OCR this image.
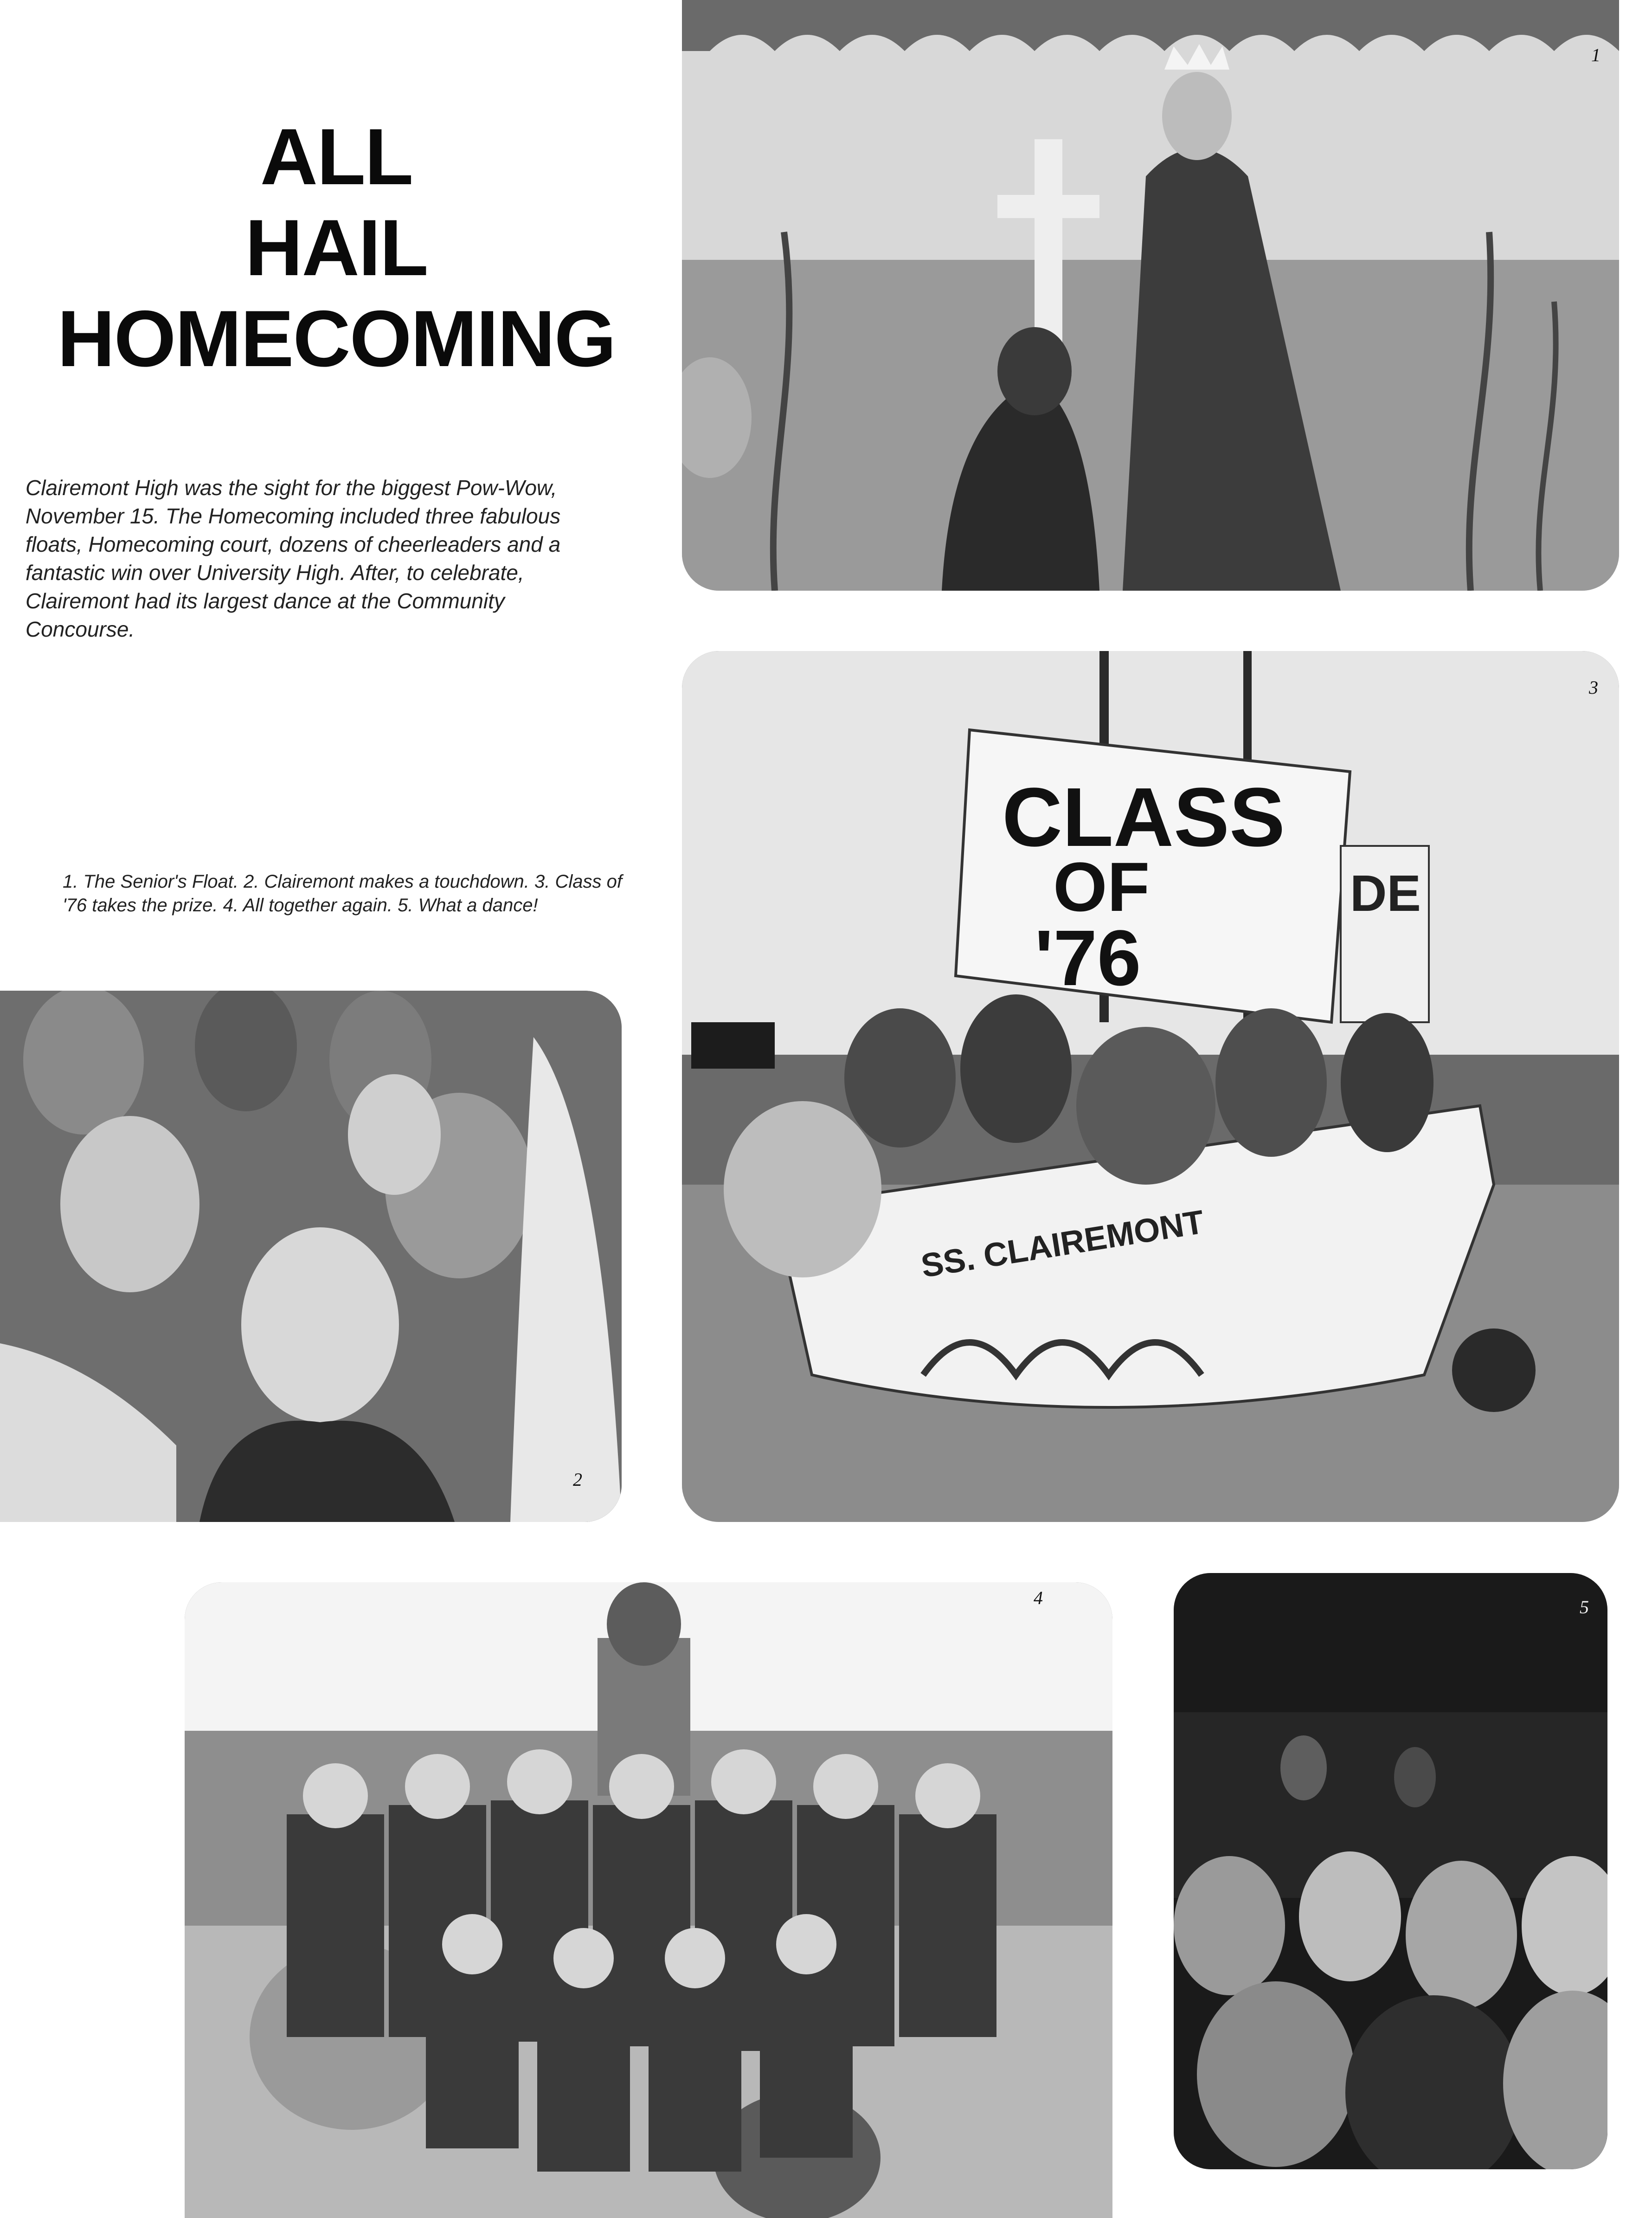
ALL
HAIL
HOMECOMING

Clairemont High was the sight for the biggest Pow-Wow, November 15. The Homecoming included three fabulous floats, Homecoming court, dozens of cheerleaders and a fantastic win over University High. After, to celebrate, Clairemont had its largest dance at the Community Concourse.

1. The Senior's Float. 2. Clairemont makes a touchdown. 3. Class of '76 takes the prize. 4. All together again. 5. What a dance!

1
2
CLASS
OF
'76
DE
SS. CLAIREMONT
3
4	5
